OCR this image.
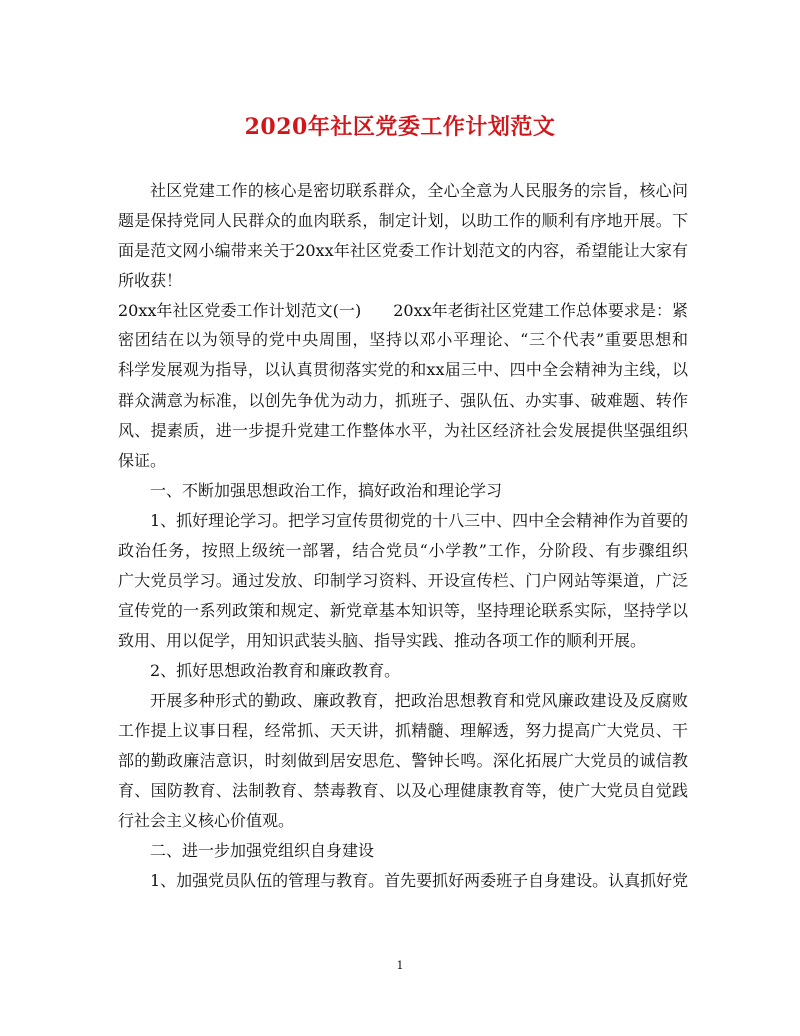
2020年社区党委工作计划范文
社区党建工作的核心是密切联系群众，全心全意为人民服务的宗旨，核心问
题是保持党同人民群众的血肉联系，制定计划，以助工作的顺利有序地开展。下
面是范文网小编带来关于20xx年社区党委工作计划范文的内容，希望能让大家有
所收获！
20xx年社区党委工作计划范文(一)　　20xx年老街社区党建工作总体要求是：紧
密团结在以为领导的党中央周围，坚持以邓小平理论、“三个代表”重要思想和
科学发展观为指导，以认真贯彻落实党的和xx届三中、四中全会精神为主线，以
群众满意为标准，以创先争优为动力，抓班子、强队伍、办实事、破难题、转作
风、提素质，进一步提升党建工作整体水平，为社区经济社会发展提供坚强组织
保证。
一、不断加强思想政治工作，搞好政治和理论学习
1、抓好理论学习。把学习宣传贯彻党的十八三中、四中全会精神作为首要的
政治任务，按照上级统一部署，结合党员“小学教”工作，分阶段、有步骤组织
广大党员学习。通过发放、印制学习资料、开设宣传栏、门户网站等渠道，广泛
宣传党的一系列政策和规定、新党章基本知识等，坚持理论联系实际，坚持学以
致用、用以促学，用知识武装头脑、指导实践、推动各项工作的顺利开展。
2、抓好思想政治教育和廉政教育。
开展多种形式的勤政、廉政教育，把政治思想教育和党风廉政建设及反腐败
工作提上议事日程，经常抓、天天讲，抓精髓、理解透，努力提高广大党员、干
部的勤政廉洁意识，时刻做到居安思危、警钟长鸣。深化拓展广大党员的诚信教
育、国防教育、法制教育、禁毒教育、以及心理健康教育等，使广大党员自觉践
行社会主义核心价值观。
二、进一步加强党组织自身建设
1、加强党员队伍的管理与教育。首先要抓好两委班子自身建设。认真抓好党
1
